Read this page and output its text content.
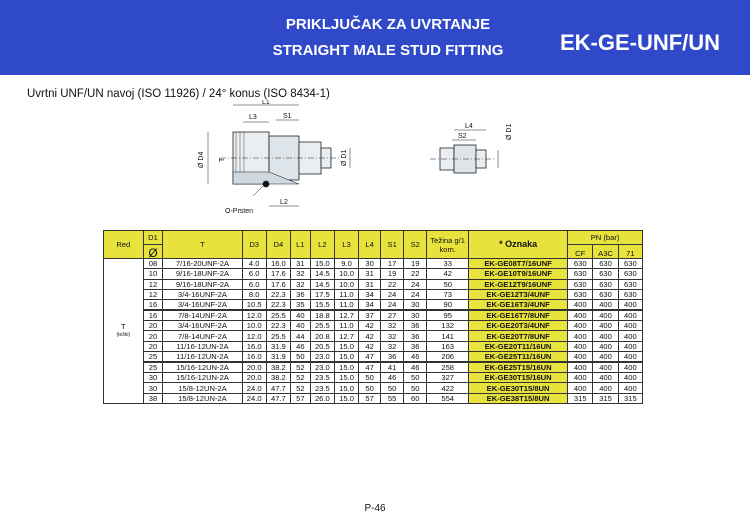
PRIKLJUČAK ZA UVRTANJE
STRAIGHT MALE STUD FITTING	EK-GE-UNF/UN
Uvrtni UNF/UN navoj (ISO 11926) / 24° konus (ISO 8434-1)
L1
L3	S1
Ø D4 T	Ø D1
L2
O-Prsten
L4
S2	Ø D1
Red	D1	T	D3	D4	L1	L2	L3	L4	S1	S2	Težina g/1 kom.	* Oznaka	PN (bar)		
	Ø												CF	A3C	71
T
(teški)	08	7/16-20UNF-2A	4.0	16.0	31	15.0	9.0	30	17	19	33	EK-GE08T7/16UNF	630	630	630
	10	9/16-18UNF-2A	6.0	17.6	32	14.5	10.0	31	19	22	42	EK-GE10T9/16UNF	630	630	630
	12	9/16-18UNF-2A	6.0	17.6	32	14.5	10.0	31	22	24	50	EK-GE12T9/16UNF	630	630	630
	12	3/4-16UNF-2A	8.0	22.3	36	17.5	11.0	34	24	24	73	EK-GE12T3/4UNF	630	630	630
	16	3/4-16UNF-2A	10.5	22.3	35	15.5	11.0	34	24	30	90	EK-GE16T3/4UNF	400	400	400
	16	7/8-14UNF-2A	12.0	25.5	40	18.8	12.7	37	27	30	95	EK-GE16T7/8UNF	400	400	400
	20	3/4-16UNF-2A	10.0	22.3	40	25.5	11.0	42	32	36	132	EK-GE20T3/4UNF	400	400	400
	20	7/8-14UNF-2A	12.0	25.5	44	20.8	12.7	42	32	36	141	EK-GE20T7/8UNF	400	400	400
	20	11/16-12UN-2A	16.0	31.9	46	20.5	15.0	42	32	36	163	EK-GE20T11/16UN	400	400	400
	25	11/16-12UN-2A	16.0	31.9	50	23.0	15.0	47	36	46	206	EK-GE25T11/16UN	400	400	400
	25	15/16-12UN-2A	20.0	38.2	52	23.0	15.0	47	41	46	258	EK-GE25T15/16UN	400	400	400
	30	15/16-12UN-2A	20.0	38.2	52	23.5	15.0	50	46	50	327	EK-GE30T15/16UN	400	400	400
	30	15/8-12UN-2A	24.0	47.7	52	23.5	15.0	50	50	50	422	EK-GE30T15/8UN	400	400	400
	38	15/8-12UN-2A	24.0	47.7	57	26.0	15.0	57	55	60	554	EK-GE38T15/8UN	315	315	315
P-46
